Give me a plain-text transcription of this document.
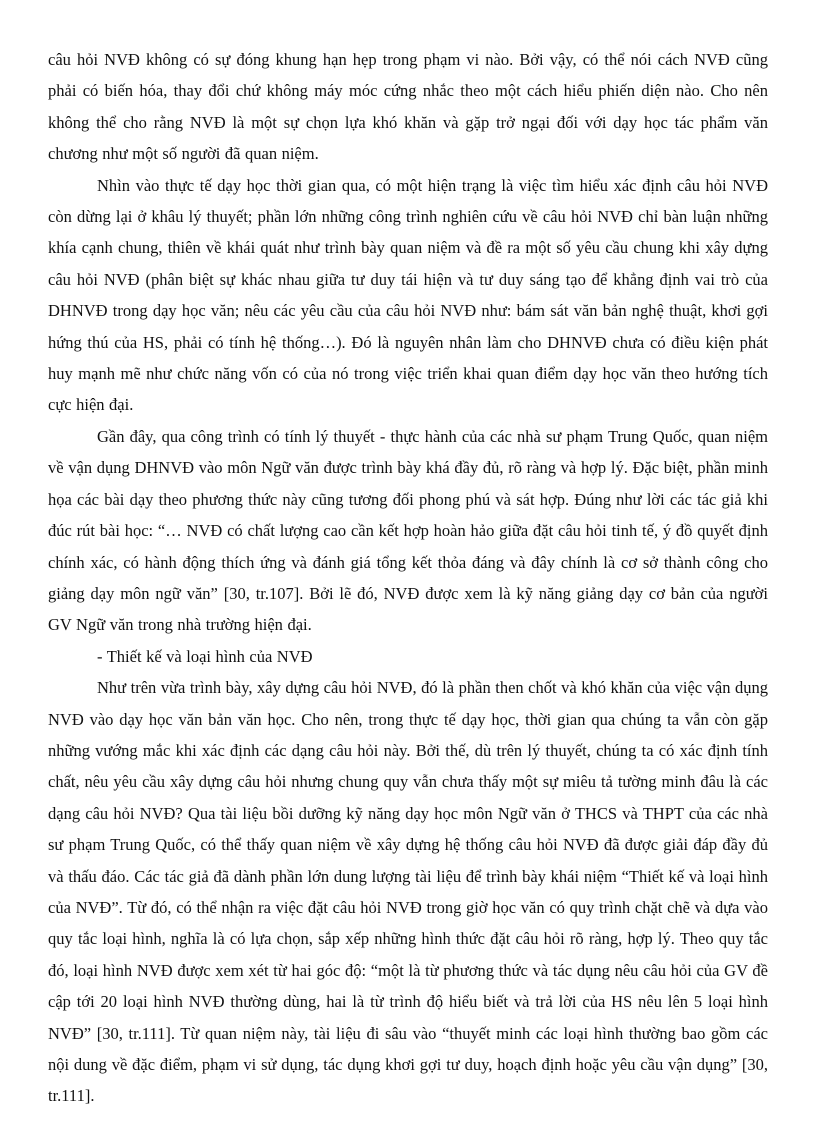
câu hỏi NVĐ không có sự đóng khung hạn hẹp trong phạm vi nào. Bởi vậy, có thể nói cách NVĐ cũng phải có biến hóa, thay đổi chứ không máy móc cứng nhắc theo một cách hiểu phiến diện nào. Cho nên không thể cho rằng NVĐ là một sự chọn lựa khó khăn và gặp trở ngại đối với dạy học tác phẩm văn chương như một số người đã quan niệm.

Nhìn vào thực tế dạy học thời gian qua, có một hiện trạng là việc tìm hiểu xác định câu hỏi NVĐ còn dừng lại ở khâu lý thuyết; phần lớn những công trình nghiên cứu về câu hỏi NVĐ chỉ bàn luận những khía cạnh chung, thiên về khái quát như trình bày quan niệm và đề ra một số yêu cầu chung khi xây dựng câu hỏi NVĐ (phân biệt sự khác nhau giữa tư duy tái hiện và tư duy sáng tạo để khẳng định vai trò của DHNVĐ trong dạy học văn; nêu các yêu cầu của câu hỏi NVĐ như: bám sát văn bản nghệ thuật, khơi gợi hứng thú của HS, phải có tính hệ thống…). Đó là nguyên nhân làm cho DHNVĐ chưa có điều kiện phát huy mạnh mẽ như chức năng vốn có của nó trong việc triển khai quan điểm dạy học văn theo hướng tích cực hiện đại.

Gần đây, qua công trình có tính lý thuyết - thực hành của các nhà sư phạm Trung Quốc, quan niệm về vận dụng DHNVĐ vào môn Ngữ văn được trình bày khá đầy đủ, rõ ràng và hợp lý. Đặc biệt, phần minh họa các bài dạy theo phương thức này cũng tương đối phong phú và sát hợp. Đúng như lời các tác giả khi đúc rút bài học: “… NVĐ có chất lượng cao cần kết hợp hoàn hảo giữa đặt câu hỏi tinh tế, ý đồ quyết định chính xác, có hành động thích ứng và đánh giá tổng kết thỏa đáng và đây chính là cơ sở thành công cho giảng dạy môn ngữ văn” [30, tr.107]. Bởi lẽ đó, NVĐ được xem là kỹ năng giảng dạy cơ bản của người GV Ngữ văn trong nhà trường hiện đại.

- Thiết kế và loại hình của NVĐ

Như trên vừa trình bày, xây dựng câu hỏi NVĐ, đó là phần then chốt và khó khăn của việc vận dụng NVĐ vào dạy học văn bản văn học. Cho nên, trong thực tế dạy học, thời gian qua chúng ta vẫn còn gặp những vướng mắc khi xác định các dạng câu hỏi này. Bởi thế, dù trên lý thuyết, chúng ta có xác định tính chất, nêu yêu cầu xây dựng câu hỏi nhưng chung quy vẫn chưa thấy một sự miêu tả tường minh đâu là các dạng câu hỏi NVĐ? Qua tài liệu bồi dưỡng kỹ năng dạy học môn Ngữ văn ở THCS và THPT của các nhà sư phạm Trung Quốc, có thể thấy quan niệm về xây dựng hệ thống câu hỏi NVĐ đã được giải đáp đầy đủ và thấu đáo. Các tác giả đã dành phần lớn dung lượng tài liệu để trình bày khái niệm “Thiết kế và loại hình của NVĐ”. Từ đó, có thể nhận ra việc đặt câu hỏi NVĐ trong giờ học văn có quy trình chặt chẽ và dựa vào quy tắc loại hình, nghĩa là có lựa chọn, sắp xếp những hình thức đặt câu hỏi rõ ràng, hợp lý. Theo quy tắc đó, loại hình NVĐ được xem xét từ hai góc độ: “một là từ phương thức và tác dụng nêu câu hỏi của GV đề cập tới 20 loại hình NVĐ thường dùng, hai là từ trình độ hiểu biết và trả lời của HS nêu lên 5 loại hình NVĐ” [30, tr.111]. Từ quan niệm này, tài liệu đi sâu vào “thuyết minh các loại hình thường bao gồm các nội dung về đặc điểm, phạm vi sử dụng, tác dụng khơi gợi tư duy, hoạch định hoặc yêu cầu vận dụng” [30, tr.111].
